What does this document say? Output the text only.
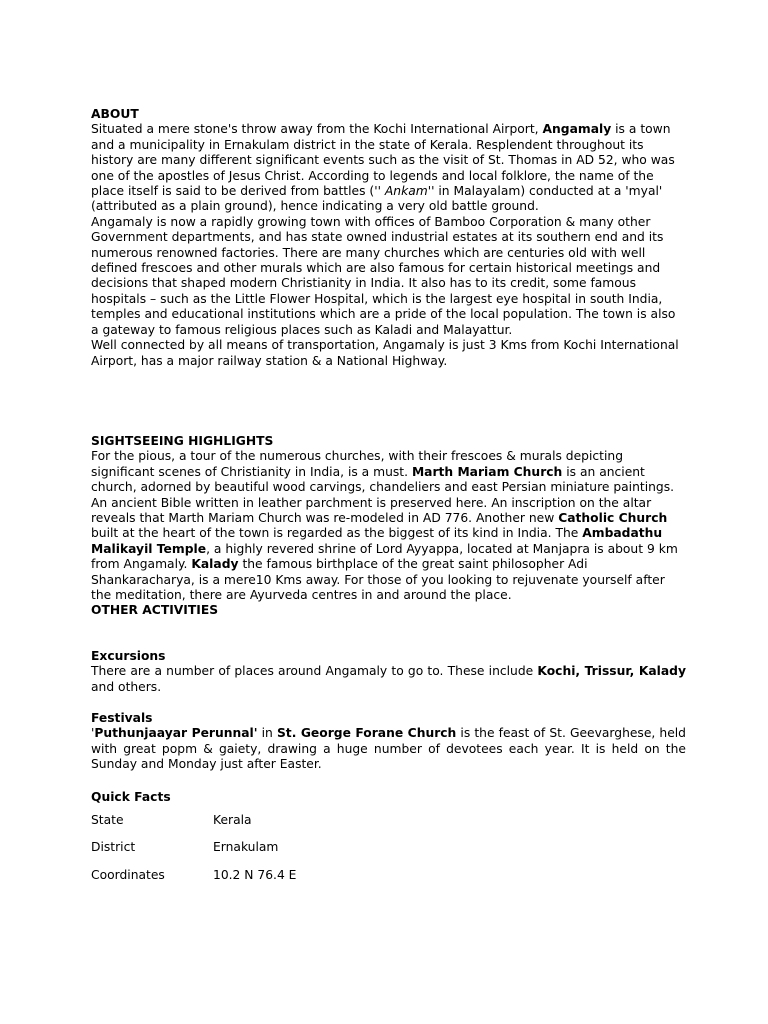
ABOUT

Situated a mere stone's throw away from the Kochi International Airport, Angamaly is a town and a municipality in Ernakulam district in the state of Kerala. Resplendent throughout its history are many different significant events such as the visit of St. Thomas in AD 52, who was one of the apostles of Jesus Christ. According to legends and local folklore, the name of the place itself is said to be derived from battles ('' Ankam'' in Malayalam) conducted at a 'myal' (attributed as a plain ground), hence indicating a very old battle ground.

Angamaly is now a rapidly growing town with offices of Bamboo Corporation & many other Government departments, and has state owned industrial estates at its southern end and its numerous renowned factories. There are many churches which are centuries old with well defined frescoes and other murals which are also famous for certain historical meetings and decisions that shaped modern Christianity in India. It also has to its credit, some famous hospitals – such as the Little Flower Hospital, which is the largest eye hospital in south India, temples and educational institutions which are a pride of the local population. The town is also a gateway to famous religious places such as Kaladi and Malayattur.

Well connected by all means of transportation, Angamaly is just 3 Kms from Kochi International Airport, has a major railway station & a National Highway.

SIGHTSEEING HIGHLIGHTS

For the pious, a tour of the numerous churches, with their frescoes & murals depicting significant scenes of Christianity in India, is a must. Marth Mariam Church is an ancient church, adorned by beautiful wood carvings, chandeliers and east Persian miniature paintings. An ancient Bible written in leather parchment is preserved here. An inscription on the altar reveals that Marth Mariam Church was re-modeled in AD 776. Another new Catholic Church built at the heart of the town is regarded as the biggest of its kind in India. The Ambadathu Malikayil Temple, a highly revered shrine of Lord Ayyappa, located at Manjapra is about 9 km from Angamaly. Kalady the famous birthplace of the great saint philosopher Adi Shankaracharya, is a mere10 Kms away. For those of you looking to rejuvenate yourself after the meditation, there are Ayurveda centres in and around the place.

OTHER ACTIVITIES

Excursions

There are a number of places around Angamaly to go to. These include Kochi, Trissur, Kalady and others.

Festivals

'Puthunjaayar Perunnal' in St. George Forane Church is the feast of St. Geevarghese, held with great popm & gaiety, drawing a huge number of devotees each year. It is held on the Sunday and Monday just after Easter.

Quick Facts

State	Kerala
District	Ernakulam
Coordinates	10.2 N 76.4 E
